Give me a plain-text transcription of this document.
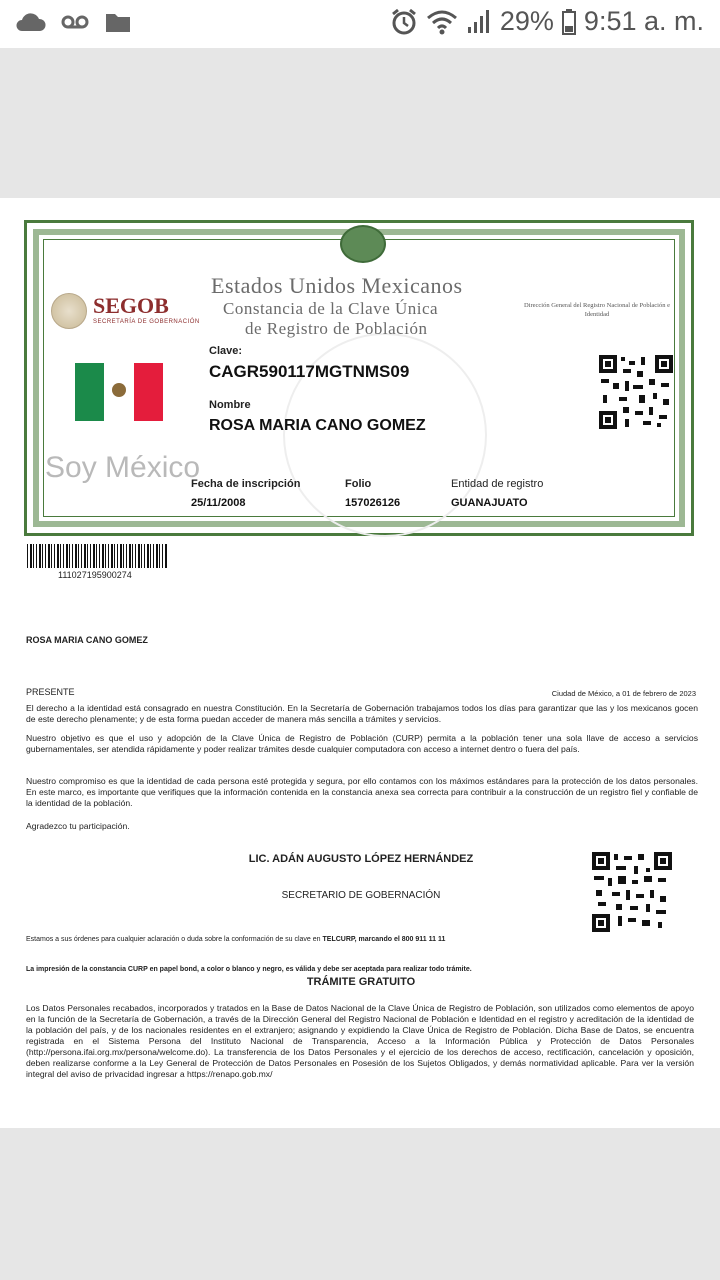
29% 9:51 a. m.
Estados Unidos Mexicanos
Constancia de la Clave Única
de Registro de Población
SEGOB
SECRETARÍA DE GOBERNACIÓN
Dirección General del Registro Nacional de Población e Identidad
Clave:
CAGR590117MGTNMS09
Nombre
ROSA MARIA CANO GOMEZ
Soy México
Fecha de inscripción
25/11/2008
Folio
157026126
Entidad de registro
GUANAJUATO
111027195900274
ROSA MARIA CANO GOMEZ
PRESENTE	Ciudad de México, a 01 de febrero de 2023
El derecho a la identidad está consagrado en nuestra Constitución. En la Secretaría de Gobernación trabajamos todos los días para garantizar que las y los mexicanos gocen de este derecho plenamente; y de esta forma puedan acceder de manera más sencilla a trámites y servicios.
Nuestro objetivo es que el uso y adopción de la Clave Única de Registro de Población (CURP) permita a la población tener una sola llave de acceso a servicios gubernamentales, ser atendida rápidamente y poder realizar trámites desde cualquier computadora con acceso a internet dentro o fuera del país.
Nuestro compromiso es que la identidad de cada persona esté protegida y segura, por ello contamos con los máximos estándares para la protección de los datos personales. En este marco, es importante que verifiques que la información contenida en la constancia anexa sea correcta para contribuir a la construcción de un registro fiel y confiable de la identidad de la población.
Agradezco tu participación.
LIC. ADÁN AUGUSTO LÓPEZ HERNÁNDEZ
SECRETARIO DE GOBERNACIÓN
Estamos a sus órdenes para cualquier aclaración o duda sobre la conformación de su clave en TELCURP, marcando el 800 911 11 11
La impresión de la constancia CURP en papel bond, a color o blanco y negro, es válida y debe ser aceptada para realizar todo trámite.
TRÁMITE GRATUITO
Los Datos Personales recabados, incorporados y tratados en la Base de Datos Nacional de la Clave Única de Registro de Población, son utilizados como elementos de apoyo en la función de la Secretaría de Gobernación, a través de la Dirección General del Registro Nacional de Población e Identidad en el registro y acreditación de la identidad de la población del país, y de los nacionales residentes en el extranjero; asignando y expidiendo la Clave Única de Registro de Población. Dicha Base de Datos, se encuentra registrada en el Sistema Persona del Instituto Nacional de Transparencia, Acceso a la Información Pública y Protección de Datos Personales (http://persona.ifai.org.mx/persona/welcome.do). La transferencia de los Datos Personales y el ejercicio de los derechos de acceso, rectificación, cancelación y oposición, deben realizarse conforme a la Ley General de Protección de Datos Personales en Posesión de los Sujetos Obligados, y demás normatividad aplicable. Para ver la versión integral del aviso de privacidad ingresar a https://renapo.gob.mx/
